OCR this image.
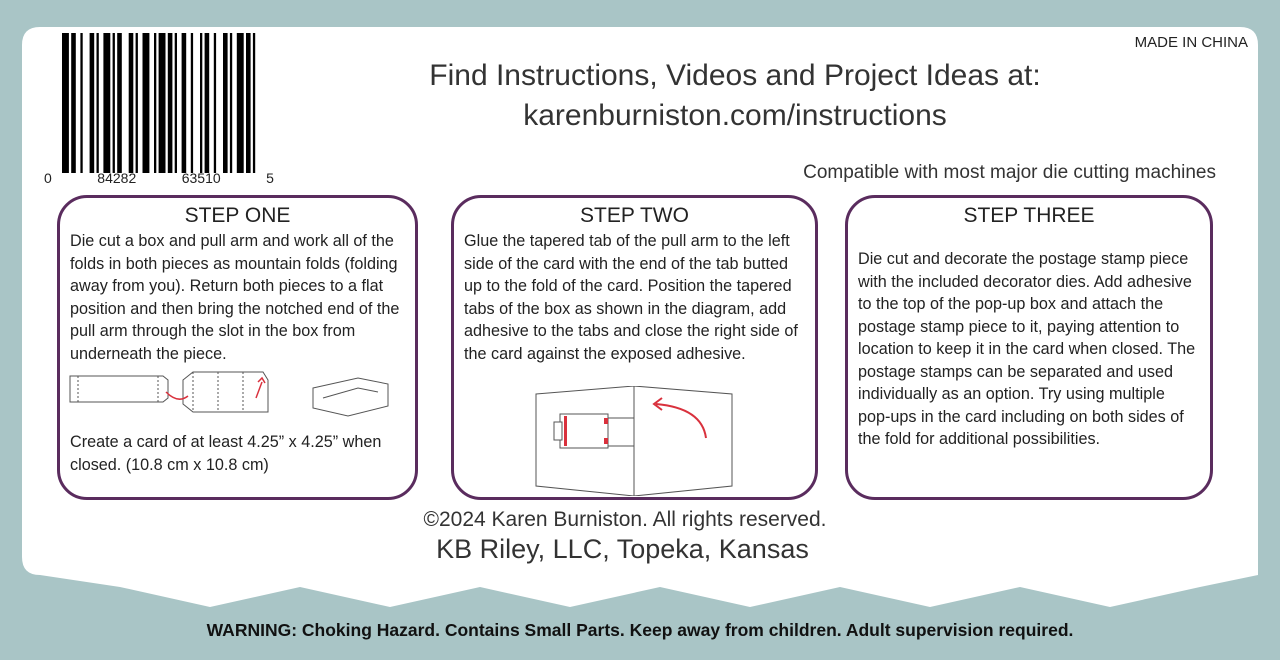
MADE IN CHINA
0	84282	63510	5
Find Instructions, Videos and Project Ideas at:
karenburniston.com/instructions
Compatible with most major die cutting machines
STEP ONE

Die cut a box and pull arm and work all of the folds in both pieces as mountain folds (folding away from you). Return both pieces to a flat position and then bring the notched end of the pull arm through the slot in the box from underneath the piece.

Create a card of at least 4.25” x 4.25” when closed. (10.8 cm x 10.8 cm)

STEP TWO

Glue the tapered tab of the pull arm to the left side of the card with the end of the tab butted up to the fold of the card. Position the tapered tabs of the box as shown in the diagram, add adhesive to the tabs and close the right side of the card against the exposed adhesive.

STEP THREE

Die cut and decorate the postage stamp piece with the included decorator dies. Add adhesive to the top of the pop-up box and attach the postage stamp piece to it, paying attention to location to keep it in the card when closed. The postage stamps can be separated and used individually as an option. Try using multiple pop-ups in the card including on both sides of the fold for additional possibilities.

©2024 Karen Burniston. All rights reserved.
KB Riley, LLC, Topeka, Kansas
WARNING: Choking Hazard. Contains Small Parts. Keep away from children. Adult supervision required.
